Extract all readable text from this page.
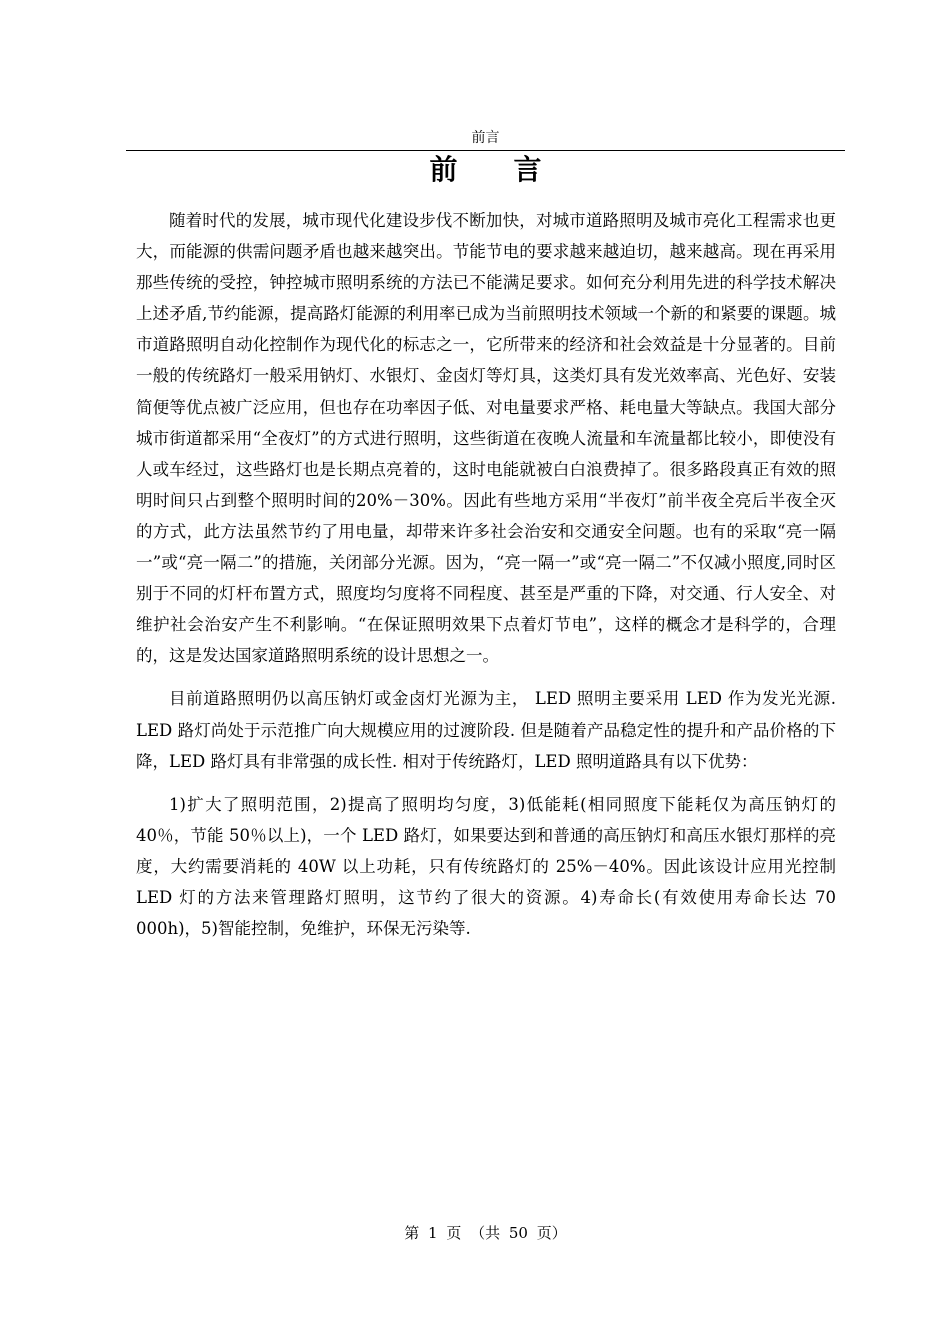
前言
前言

随着时代的发展，城市现代化建设步伐不断加快，对城市道路照明及城市亮化工程需求也更大，而能源的供需问题矛盾也越来越突出。节能节电的要求越来越迫切，越来越高。现在再采用那些传统的受控，钟控城市照明系统的方法已不能满足要求。如何充分利用先进的科学技术解决上述矛盾,节约能源，提高路灯能源的利用率已成为当前照明技术领域一个新的和紧要的课题。城市道路照明自动化控制作为现代化的标志之一，它所带来的经济和社会效益是十分显著的。目前一般的传统路灯一般采用钠灯、水银灯、金卤灯等灯具，这类灯具有发光效率高、光色好、安装简便等优点被广泛应用，但也存在功率因子低、对电量要求严格、耗电量大等缺点。我国大部分城市街道都采用“全夜灯”的方式进行照明，这些街道在夜晚人流量和车流量都比较小，即使没有人或车经过，这些路灯也是长期点亮着的，这时电能就被白白浪费掉了。很多路段真正有效的照明时间只占到整个照明时间的20%－30%。因此有些地方采用“半夜灯”前半夜全亮后半夜全灭的方式，此方法虽然节约了用电量，却带来许多社会治安和交通安全问题。也有的采取“亮一隔一”或“亮一隔二”的措施，关闭部分光源。因为，“亮一隔一”或“亮一隔二”不仅减小照度,同时区别于不同的灯杆布置方式，照度均匀度将不同程度、甚至是严重的下降，对交通、行人安全、对维护社会治安产生不利影响。“在保证照明效果下点着灯节电”，这样的概念才是科学的，合理的，这是发达国家道路照明系统的设计思想之一。

目前道路照明仍以高压钠灯或金卤灯光源为主， LED 照明主要采用 LED 作为发光光源. LED 路灯尚处于示范推广向大规模应用的过渡阶段. 但是随着产品稳定性的提升和产品价格的下降，LED 路灯具有非常强的成长性. 相对于传统路灯，LED 照明道路具有以下优势：

1)扩大了照明范围，2)提高了照明均匀度，3)低能耗(相同照度下能耗仅为高压钠灯的 40％，节能 50％以上)，一个 LED 路灯，如果要达到和普通的高压钠灯和高压水银灯那样的亮度，大约需要消耗的 40W 以上功耗，只有传统路灯的 25%－40%。因此该设计应用光控制 LED 灯的方法来管理路灯照明，这节约了很大的资源。4)寿命长(有效使用寿命长达 70 000h)，5)智能控制，免维护，环保无污染等.

第 1 页 （共 50 页）
